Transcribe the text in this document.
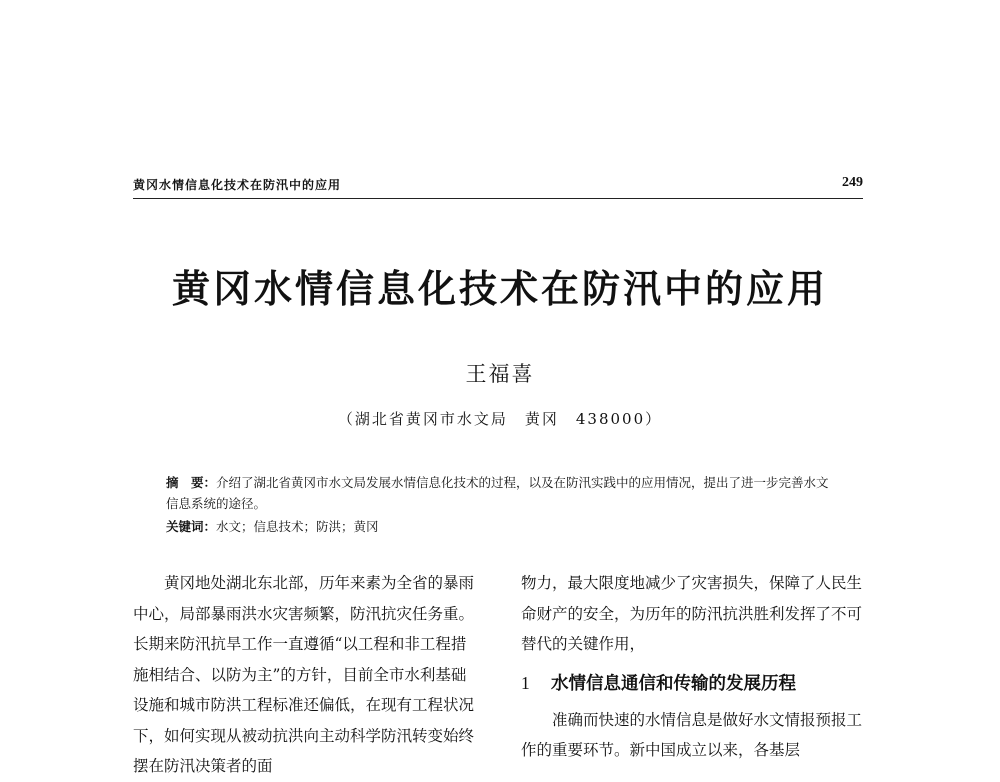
黄冈水情信息化技术在防汛中的应用	249
黄冈水情信息化技术在防汛中的应用
王福喜
（湖北省黄冈市水文局　黄冈　438000）

摘　要：介绍了湖北省黄冈市水文局发展水情信息化技术的过程，以及在防汛实践中的应用情况，提出了进一步完善水文信息系统的途径。

关键词：水文；信息技术；防洪；黄冈

黄冈地处湖北东北部，历年来素为全省的暴雨中心，局部暴雨洪水灾害频繁，防汛抗灾任务重。长期来防汛抗旱工作一直遵循“以工程和非工程措施相结合、以防为主”的方针，目前全市水利基础设施和城市防洪工程标准还偏低，在现有工程状况下，如何实现从被动抗洪向主动科学防汛转变始终摆在防汛决策者的面

物力，最大限度地减少了灾害损失，保障了人民生命财产的安全，为历年的防汛抗洪胜利发挥了不可替代的关键作用，

1 水情信息通信和传输的发展历程

准确而快速的水情信息是做好水文情报预报工作的重要环节。新中国成立以来，各基层
